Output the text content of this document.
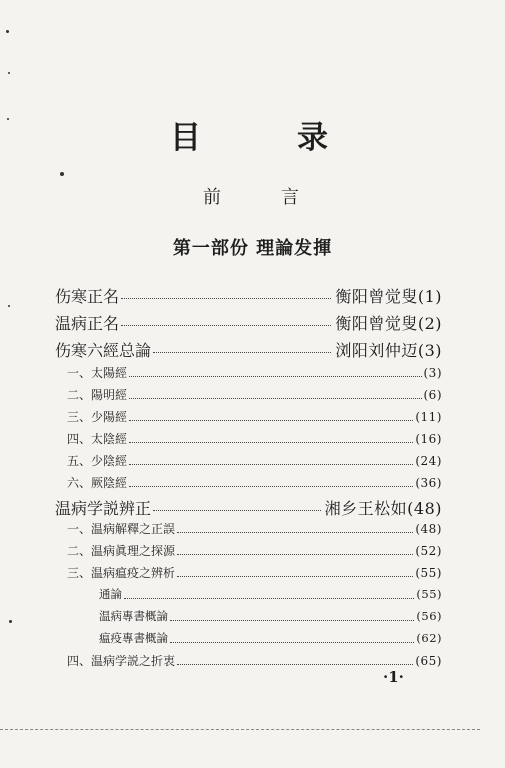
目	录
前	言
第一部份 理論发揮
伤寒正名	衡阳曾觉叟 (1)
温病正名	衡阳曾觉叟 (2)
伤寒六經总論	浏阳刘仲迈 (3)
一、太陽經	(3)
二、陽明經	(6)
三、少陽經	(11)
四、太陰經	(16)
五、少陰經	(24)
六、厥陰經	(36)
温病学説辨正	湘乡王松如 (48)
一、温病解釋之正誤	(48)
二、温病眞理之探源	(52)
三、温病瘟疫之辨析	(55)
通論	(55)
温病專書概論	(56)
瘟疫專書概論	(62)
四、温病学説之折衷	(65)
·1·
